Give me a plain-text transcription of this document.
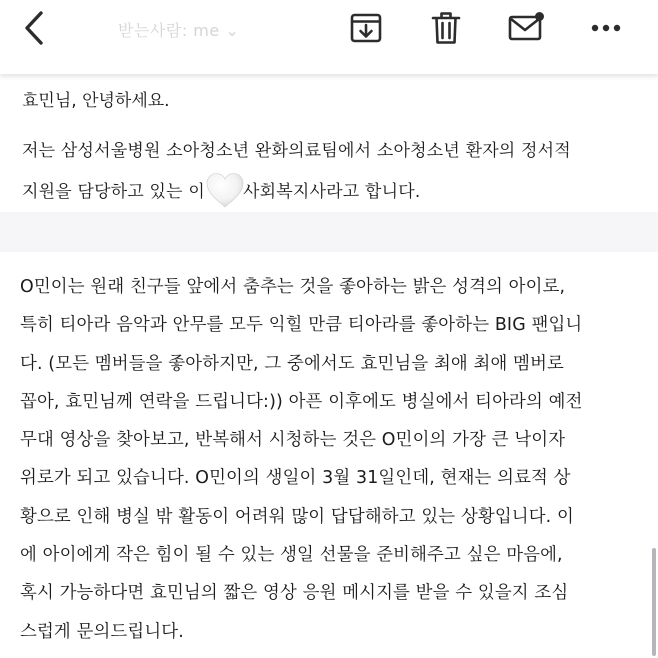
받는사람: me ⌄
효민님, 안녕하세요.
저는 삼성서울병원 소아청소년 완화의료팀에서 소아청소년 환자의 정서적
지원을 담당하고 있는 이 사회복지사라고 합니다.
O민이는 원래 친구들 앞에서 춤추는 것을 좋아하는 밝은 성격의 아이로,
특히 티아라 음악과 안무를 모두 익힐 만큼 티아라를 좋아하는 BIG 팬입니
다. (모든 멤버들을 좋아하지만, 그 중에서도 효민님을 최애 최애 멤버로
꼽아, 효민님께 연락을 드립니다:)) 아픈 이후에도 병실에서 티아라의 예전
무대 영상을 찾아보고, 반복해서 시청하는 것은 O민이의 가장 큰 낙이자
위로가 되고 있습니다. O민이의 생일이 3월 31일인데, 현재는 의료적 상
황으로 인해 병실 밖 활동이 어려워 많이 답답해하고 있는 상황입니다. 이
에 아이에게 작은 힘이 될 수 있는 생일 선물을 준비해주고 싶은 마음에,
혹시 가능하다면 효민님의 짧은 영상 응원 메시지를 받을 수 있을지 조심
스럽게 문의드립니다.
